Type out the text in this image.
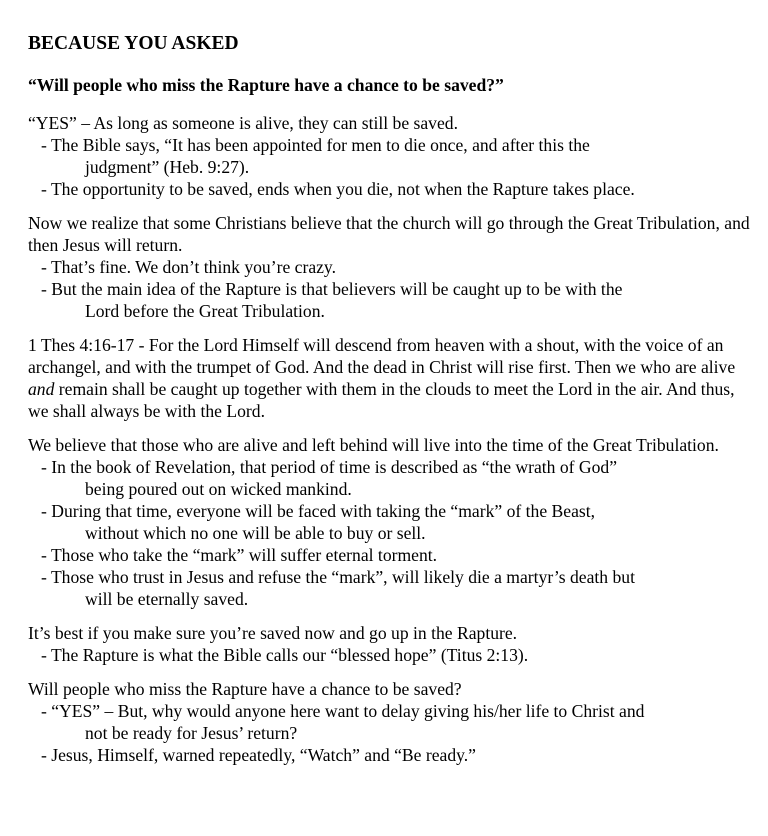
BECAUSE YOU ASKED
“Will people who miss the Rapture have a chance to be saved?”

“YES” – As long as someone is alive, they can still be saved.

- The Bible says, “It has been appointed for men to die once, and after this the judgment” (Heb. 9:27).

- The opportunity to be saved, ends when you die, not when the Rapture takes place.

Now we realize that some Christians believe that the church will go through the Great Tribulation, and then Jesus will return.

- That’s fine. We don’t think you’re crazy.

- But the main idea of the Rapture is that believers will be caught up to be with the Lord before the Great Tribulation.

1 Thes 4:16-17 - For the Lord Himself will descend from heaven with a shout, with the voice of an archangel, and with the trumpet of God. And the dead in Christ will rise first. Then we who are alive and remain shall be caught up together with them in the clouds to meet the Lord in the air. And thus, we shall always be with the Lord.

We believe that those who are alive and left behind will live into the time of the Great Tribulation.

- In the book of Revelation, that period of time is described as “the wrath of God” being poured out on wicked mankind.

- During that time, everyone will be faced with taking the “mark” of the Beast, without which no one will be able to buy or sell.

- Those who take the “mark” will suffer eternal torment.

- Those who trust in Jesus and refuse the “mark”, will likely die a martyr’s death but will be eternally saved.

It’s best if you make sure you’re saved now and go up in the Rapture.

- The Rapture is what the Bible calls our “blessed hope” (Titus 2:13).

Will people who miss the Rapture have a chance to be saved?

- “YES” – But, why would anyone here want to delay giving his/her life to Christ and not be ready for Jesus’ return?

- Jesus, Himself, warned repeatedly, “Watch” and “Be ready.”
